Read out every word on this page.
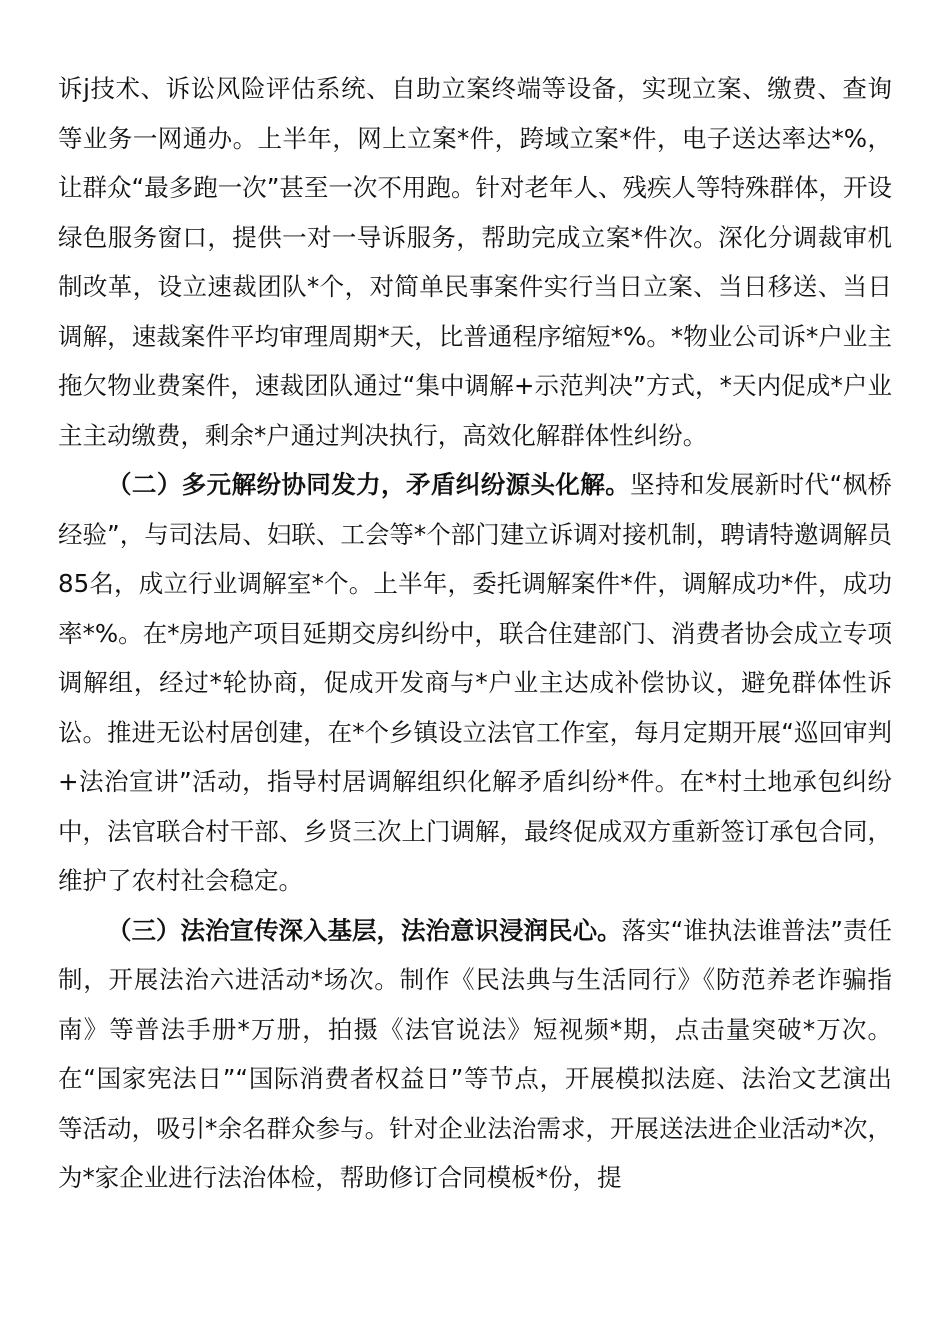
诉j技术、诉讼风险评估系统、自助立案终端等设备，实现立案、缴费、查询等业务一网通办。上半年，网上立案*件，跨域立案*件，电子送达率达*%，让群众“最多跑一次”甚至一次不用跑。针对老年人、残疾人等特殊群体，开设绿色服务窗口，提供一对一导诉服务，帮助完成立案*件次。深化分调裁审机制改革，设立速裁团队*个，对简单民事案件实行当日立案、当日移送、当日调解，速裁案件平均审理周期*天，比普通程序缩短*%。*物业公司诉*户业主拖欠物业费案件，速裁团队通过“集中调解+示范判决”方式，*天内促成*户业主主动缴费，剩余*户通过判决执行，高效化解群体性纠纷。

（二）多元解纷协同发力，矛盾纠纷源头化解。坚持和发展新时代“枫桥经验”，与司法局、妇联、工会等*个部门建立诉调对接机制，聘请特邀调解员85名，成立行业调解室*个。上半年，委托调解案件*件，调解成功*件，成功率*%。在*房地产项目延期交房纠纷中，联合住建部门、消费者协会成立专项调解组，经过*轮协商，促成开发商与*户业主达成补偿协议，避免群体性诉讼。推进无讼村居创建，在*个乡镇设立法官工作室，每月定期开展“巡回审判+法治宣讲”活动，指导村居调解组织化解矛盾纠纷*件。在*村土地承包纠纷中，法官联合村干部、乡贤三次上门调解，最终促成双方重新签订承包合同，维护了农村社会稳定。

（三）法治宣传深入基层，法治意识浸润民心。落实“谁执法谁普法”责任制，开展法治六进活动*场次。制作《民法典与生活同行》《防范养老诈骗指南》等普法手册*万册，拍摄《法官说法》短视频*期，点击量突破*万次。在“国家宪法日”“国际消费者权益日”等节点，开展模拟法庭、法治文艺演出等活动，吸引*余名群众参与。针对企业法治需求，开展送法进企业活动*次，为*家企业进行法治体检，帮助修订合同模板*份，提
